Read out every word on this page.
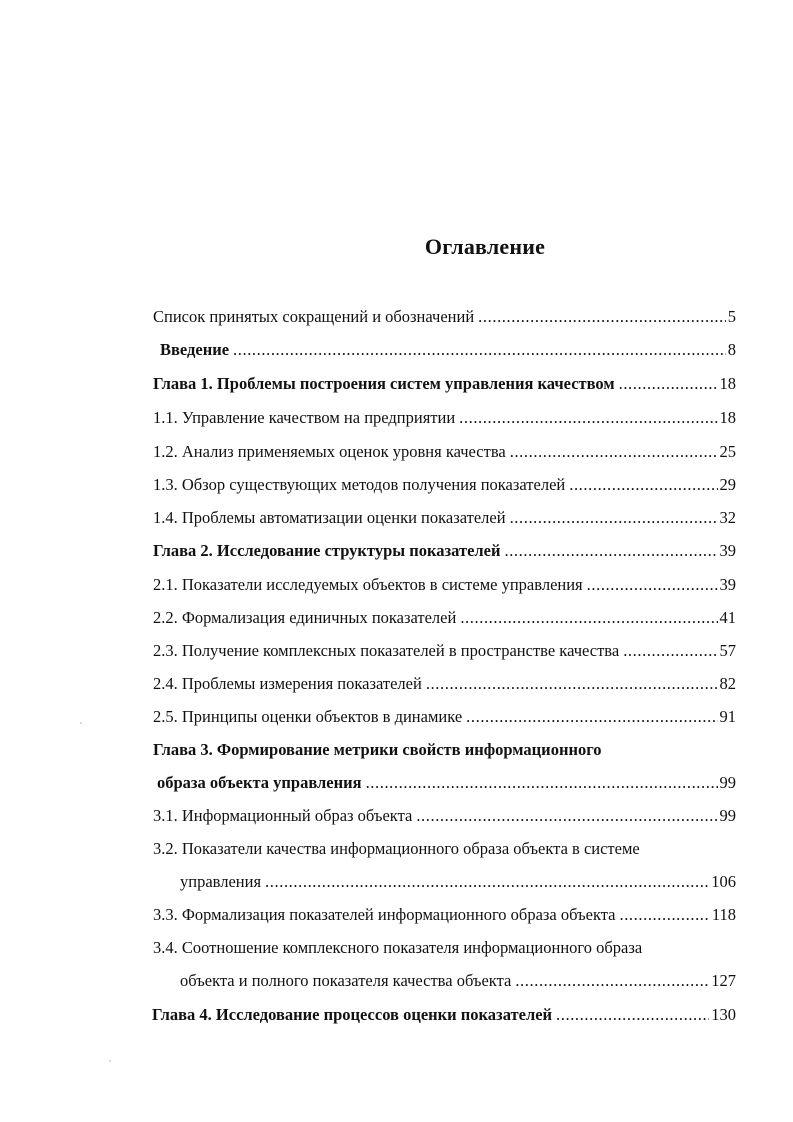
Оглавление
Список принятых сокращений и обозначений .....	5
Введение .....	8
Глава 1. Проблемы построения систем управления качеством .....	18
1.1. Управление качеством на предприятии .....	18
1.2. Анализ применяемых оценок уровня качества .....	25
1.3. Обзор существующих методов получения показателей .....	29
1.4. Проблемы автоматизации оценки показателей .....	32
Глава 2. Исследование структуры показателей .....	39
2.1. Показатели исследуемых объектов в системе управления .....	39
2.2. Формализация единичных показателей .....	41
2.3. Получение комплексных показателей в пространстве качества .....	57
2.4. Проблемы измерения показателей .....	82
2.5. Принципы оценки объектов в динамике .....	91
Глава 3. Формирование метрики свойств информационного
образа объекта управления .....	99
3.1. Информационный образ объекта .....	99
3.2. Показатели качества информационного образа объекта в системе
управления .....	106
3.3. Формализация показателей информационного образа объекта .....	118
3.4. Соотношение комплексного показателя информационного образа
объекта и полного показателя качества объекта .....	127
Глава 4. Исследование процессов оценки показателей .....	130
